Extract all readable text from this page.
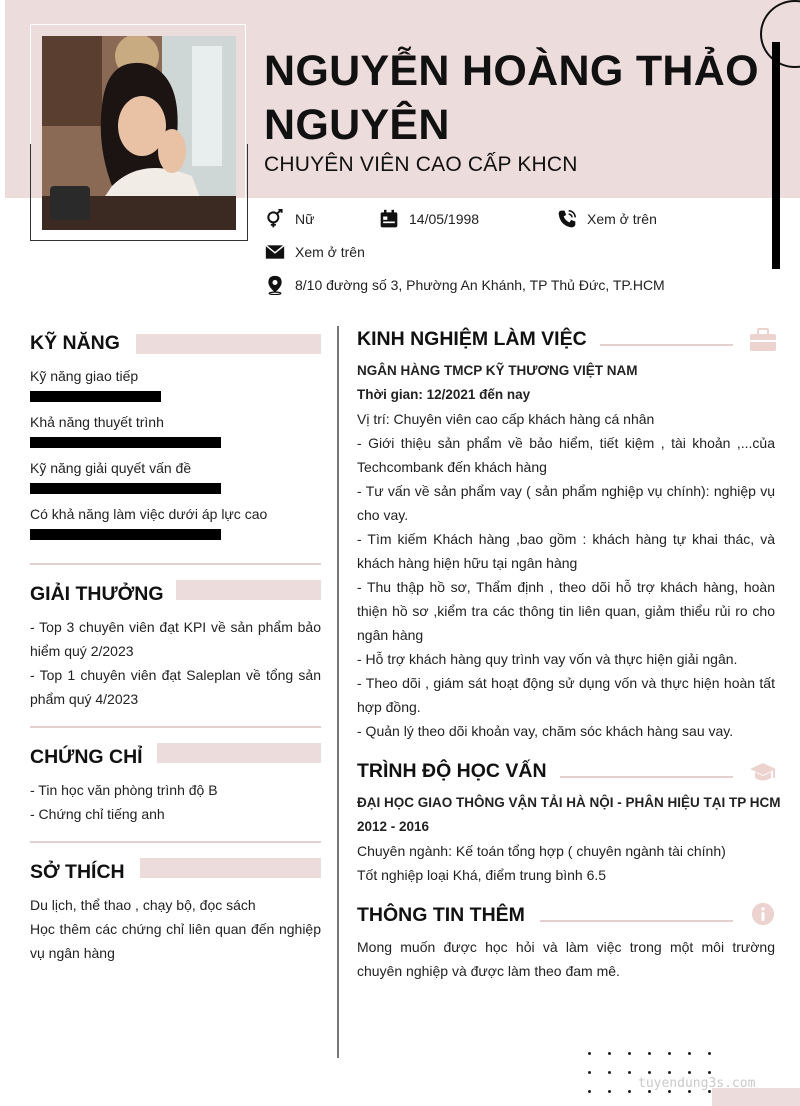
NGUYỄN HOÀNG THẢO NGUYÊN
CHUYÊN VIÊN CAO CẤP KHCN
Nữ	14/05/1998	Xem ở trên
Xem ở trên
8/10 đường số 3, Phường An Khánh, TP Thủ Đức, TP.HCM
KỸ NĂNG
Kỹ năng giao tiếp
Khả năng thuyết trình
Kỹ năng giải quyết vấn đề
Có khả năng làm việc dưới áp lực cao
GIẢI THƯỞNG
- Top 3 chuyên viên đạt KPI về sản phẩm bảo hiểm quý 2/2023
- Top 1 chuyên viên đạt Saleplan về tổng sản phẩm quý 4/2023
CHỨNG CHỈ
- Tin học văn phòng trình độ B
- Chứng chỉ tiếng anh
SỞ THÍCH
Du lịch, thể thao , chạy bộ, đọc sách
Học thêm các chứng chỉ liên quan đến nghiệp vụ ngân hàng
KINH NGHIỆM LÀM VIỆC
NGÂN HÀNG TMCP KỸ THƯƠNG VIỆT NAM
Thời gian: 12/2021 đến nay
Vị trí: Chuyên viên cao cấp khách hàng cá nhân
- Giới thiệu sản phẩm về bảo hiểm, tiết kiệm , tài khoản ,...của Techcombank đến khách hàng
- Tư vấn về sản phẩm vay ( sản phẩm nghiệp vụ chính): nghiệp vụ cho vay.
- Tìm kiếm Khách hàng ,bao gồm : khách hàng tự khai thác, và khách hàng hiện hữu tại ngân hàng
- Thu thập hồ sơ, Thẩm định , theo dõi hỗ trợ khách hàng, hoàn thiện hồ sơ ,kiểm tra các thông tin liên quan, giảm thiểu rủi ro cho ngân hàng
- Hỗ trợ khách hàng quy trình vay vốn và thực hiện giải ngân.
- Theo dõi , giám sát hoạt động sử dụng vốn và thực hiện hoàn tất hợp đồng.
- Quản lý theo dõi khoản vay, chăm sóc khách hàng sau vay.
TRÌNH ĐỘ HỌC VẤN
ĐẠI HỌC GIAO THÔNG VẬN TẢI HÀ NỘI - PHÂN HIỆU TẠI TP HCM
2012 - 2016
Chuyên ngành: Kế toán tổng hợp ( chuyên ngành tài chính)
Tốt nghiệp loại Khá, điểm trung bình 6.5
THÔNG TIN THÊM
Mong muốn được học hỏi và làm việc trong một môi trường chuyên nghiệp và được làm theo đam mê.
tuyendung3s.com
